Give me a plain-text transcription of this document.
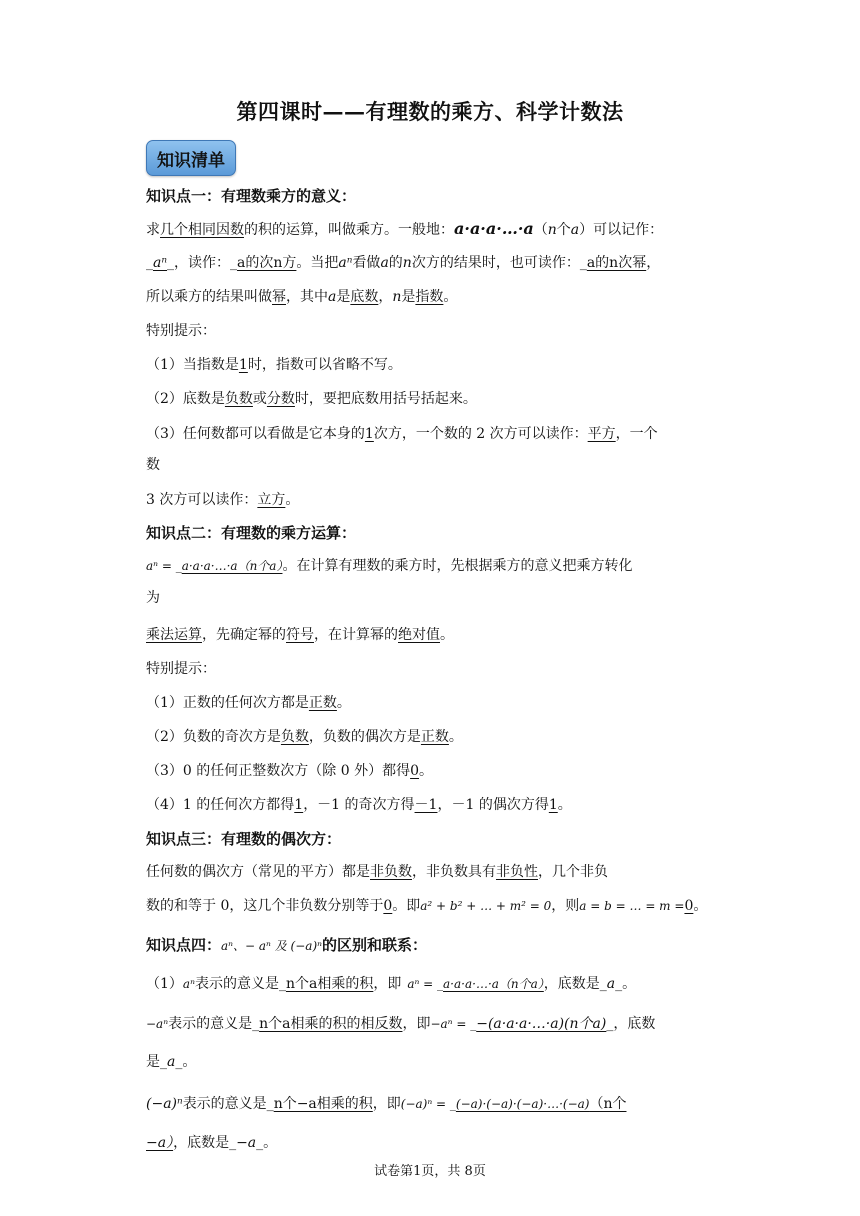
第四课时——有理数的乘方、科学计数法
知识清单
知识点一：有理数乘方的意义：
求几个相同因数的积的运算，叫做乘方。一般地：a·a·a·…·a（n个a）可以记作：
_aⁿ_，读作：_a的次n方。当把aⁿ看做a的n次方的结果时，也可读作：_a的n次幂，
所以乘方的结果叫做幂，其中a是底数，n是指数。
特别提示：
（1）当指数是1时，指数可以省略不写。
（2）底数是负数或分数时，要把底数用括号括起来。
（3）任何数都可以看做是它本身的1次方，一个数的 2 次方可以读作：平方，一个
数
3 次方可以读作：立方。
知识点二：有理数的乘方运算：
aⁿ = _a·a·a·…·a（n个a）。在计算有理数的乘方时，先根据乘方的意义把乘方转化
为
乘法运算，先确定幂的符号，在计算幂的绝对值。
特别提示：
（1）正数的任何次方都是正数。
（2）负数的奇次方是负数，负数的偶次方是正数。
（3）0 的任何正整数次方（除 0 外）都得0。
（4）1 的任何次方都得1，－1 的奇次方得－1，－1 的偶次方得1。
知识点三：有理数的偶次方：
任何数的偶次方（常见的平方）都是非负数，非负数具有非负性，几个非负
数的和等于 0，这几个非负数分别等于0。即a² + b² + … + m² = 0，则a = b = … = m =0。
知识点四：aⁿ、− aⁿ 及 (−a)ⁿ的区别和联系：
（1）aⁿ表示的意义是_n个a相乘的积，即 aⁿ = _a·a·a·…·a（n个a），底数是_a_。
−aⁿ表示的意义是_n个a相乘的积的相反数，即−aⁿ = _−(a·a·a·…·a)(n个a)_，底数
是_a_。
(−a)ⁿ表示的意义是_n个−a相乘的积，即(−a)ⁿ = _(−a)·(−a)·(−a)·…·(−a)（n个
−a），底数是_−a_。
试卷第1页，共 8页
